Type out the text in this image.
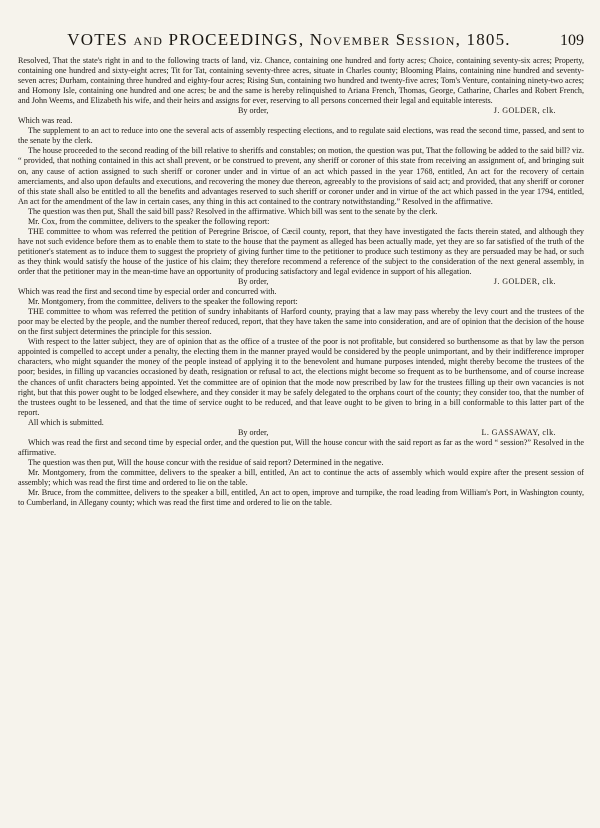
VOTES and PROCEEDINGS, November Session, 1805.	109

Resolved, That the state's right in and to the following tracts of land, viz. Chance, containing one hundred and forty acres; Choice, containing seventy-six acres; Property, containing one hundred and sixty-eight acres; Tit for Tat, containing seventy-three acres, situate in Charles county; Blooming Plains, containing nine hundred and seventy-seven acres; Durham, containing three hundred and eighty-four acres; Rising Sun, containing two hundred and twenty-five acres; Tom's Venture, containing ninety-two acres; and Homony Isle, containing one hundred and one acres; be and the same is hereby relinquished to Ariana French, Thomas, George, Catharine, Charles and Robert French, and John Weems, and Elizabeth his wife, and their heirs and assigns for ever, reserving to all persons concerned their legal and equitable interests.

By order,	J. GOLDER, clk.

Which was read.

The supplement to an act to reduce into one the several acts of assembly respecting elections, and to regulate said elections, was read the second time, passed, and sent to the senate by the clerk.

The house proceeded to the second reading of the bill relative to sheriffs and constables; on motion, the question was put, That the following be added to the said bill? viz. “ provided, that nothing contained in this act shall prevent, or be construed to prevent, any sheriff or coroner of this state from receiving an assignment of, and bringing suit on, any cause of action assigned to such sheriff or coroner under and in virtue of an act which passed in the year 1768, entitled, An act for the recovery of certain amerciaments, and also upon defaults and executions, and recovering the money due thereon, agreeably to the provisions of said act; and provided, that any sheriff or coroner of this state shall also be entitled to all the benefits and advantages reserved to such sheriff or coroner under and in virtue of the act which passed in the year 1794, entitled, An act for the amendment of the law in certain cases, any thing in this act contained to the contrary notwithstanding.” Resolved in the affirmative.

The question was then put, Shall the said bill pass? Resolved in the affirmative. Which bill was sent to the senate by the clerk.

Mr. Cox, from the committee, delivers to the speaker the following report:

THE committee to whom was referred the petition of Peregrine Briscoe, of Cæcil county, report, that they have investigated the facts therein stated, and although they have not such evidence before them as to enable them to state to the house that the payment as alleged has been actually made, yet they are so far satisfied of the truth of the petitioner's statement as to induce them to suggest the propriety of giving further time to the petitioner to produce such testimony as they are persuaded may be had, or such as they think would satisfy the house of the justice of his claim; they therefore recommend a reference of the subject to the consideration of the next general assembly, in order that the petitioner may in the mean-time have an opportunity of producing satisfactory and legal evidence in support of his allegation.

By order,	J. GOLDER, clk.

Which was read the first and second time by especial order and concurred with.

Mr. Montgomery, from the committee, delivers to the speaker the following report:

THE committee to whom was referred the petition of sundry inhabitants of Harford county, praying that a law may pass whereby the levy court and the trustees of the poor may be elected by the people, and the number thereof reduced, report, that they have taken the same into consideration, and are of opinion that the decision of the house on the first subject determines the principle for this session.

With respect to the latter subject, they are of opinion that as the office of a trustee of the poor is not profitable, but considered so burthensome as that by law the person appointed is compelled to accept under a penalty, the electing them in the manner prayed would be considered by the people unimportant, and by their indifference improper characters, who might squander the money of the people instead of applying it to the benevolent and humane purposes intended, might thereby become the trustees of the poor; besides, in filling up vacancies occasioned by death, resignation or refusal to act, the elections might become so frequent as to be burthensome, and of course increase the chances of unfit characters being appointed. Yet the committee are of opinion that the mode now prescribed by law for the trustees filling up their own vacancies is not right, but that this power ought to be lodged elsewhere, and they consider it may be safely delegated to the orphans court of the county; they consider too, that the number of the trustees ought to be lessened, and that the time of service ought to be reduced, and that leave ought to be given to bring in a bill conformable to this latter part of the report.

All which is submitted.

By order,	L. GASSAWAY, clk.

Which was read the first and second time by especial order, and the question put, Will the house concur with the said report as far as the word “ session?” Resolved in the affirmative.

The question was then put, Will the house concur with the residue of said report? Determined in the negative.

Mr. Montgomery, from the committee, delivers to the speaker a bill, entitled, An act to continue the acts of assembly which would expire after the present session of assembly; which was read the first time and ordered to lie on the table.

Mr. Bruce, from the committee, delivers to the speaker a bill, entitled, An act to open, improve and turnpike, the road leading from William's Port, in Washington county, to Cumberland, in Allegany county; which was read the first time and ordered to lie on the table.
